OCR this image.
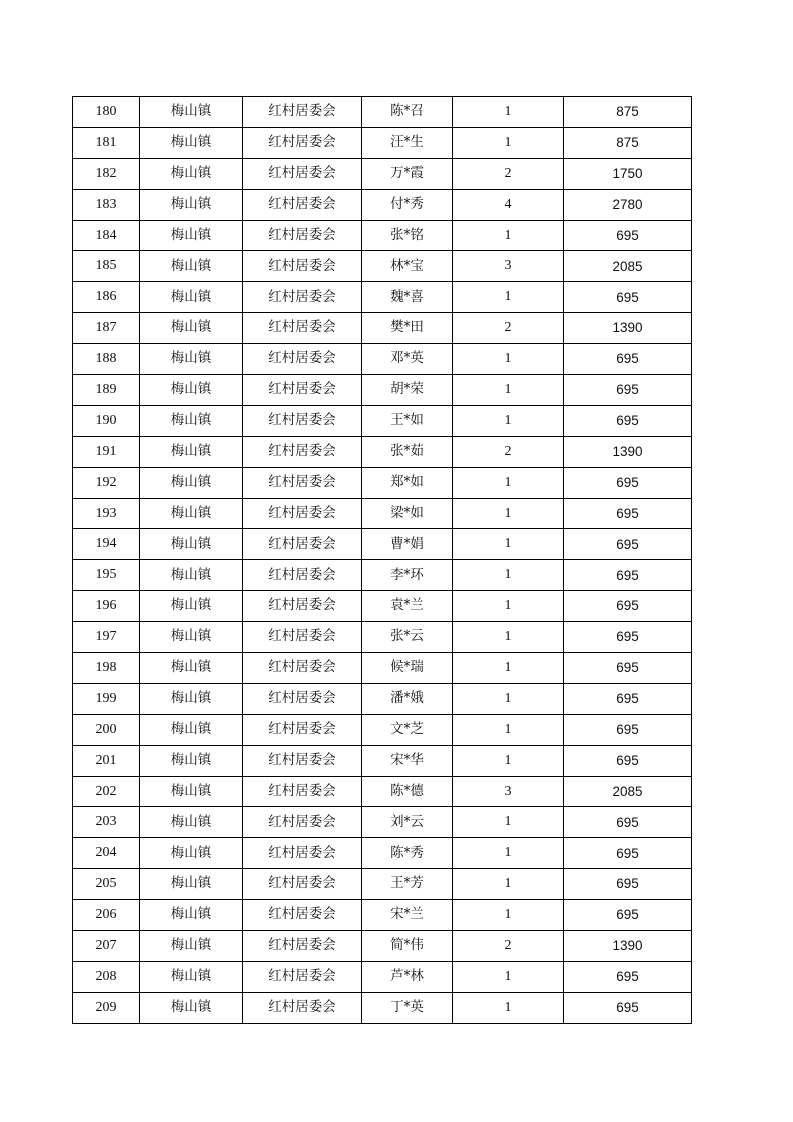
180	梅山镇	红村居委会	陈*召	1	875
181	梅山镇	红村居委会	汪*生	1	875
182	梅山镇	红村居委会	万*霞	2	1750
183	梅山镇	红村居委会	付*秀	4	2780
184	梅山镇	红村居委会	张*铭	1	695
185	梅山镇	红村居委会	林*宝	3	2085
186	梅山镇	红村居委会	魏*喜	1	695
187	梅山镇	红村居委会	樊*田	2	1390
188	梅山镇	红村居委会	邓*英	1	695
189	梅山镇	红村居委会	胡*荣	1	695
190	梅山镇	红村居委会	王*如	1	695
191	梅山镇	红村居委会	张*茹	2	1390
192	梅山镇	红村居委会	郑*如	1	695
193	梅山镇	红村居委会	梁*如	1	695
194	梅山镇	红村居委会	曹*娟	1	695
195	梅山镇	红村居委会	李*环	1	695
196	梅山镇	红村居委会	袁*兰	1	695
197	梅山镇	红村居委会	张*云	1	695
198	梅山镇	红村居委会	候*瑞	1	695
199	梅山镇	红村居委会	潘*娥	1	695
200	梅山镇	红村居委会	文*芝	1	695
201	梅山镇	红村居委会	宋*华	1	695
202	梅山镇	红村居委会	陈*德	3	2085
203	梅山镇	红村居委会	刘*云	1	695
204	梅山镇	红村居委会	陈*秀	1	695
205	梅山镇	红村居委会	王*芳	1	695
206	梅山镇	红村居委会	宋*兰	1	695
207	梅山镇	红村居委会	简*伟	2	1390
208	梅山镇	红村居委会	芦*林	1	695
209	梅山镇	红村居委会	丁*英	1	695
